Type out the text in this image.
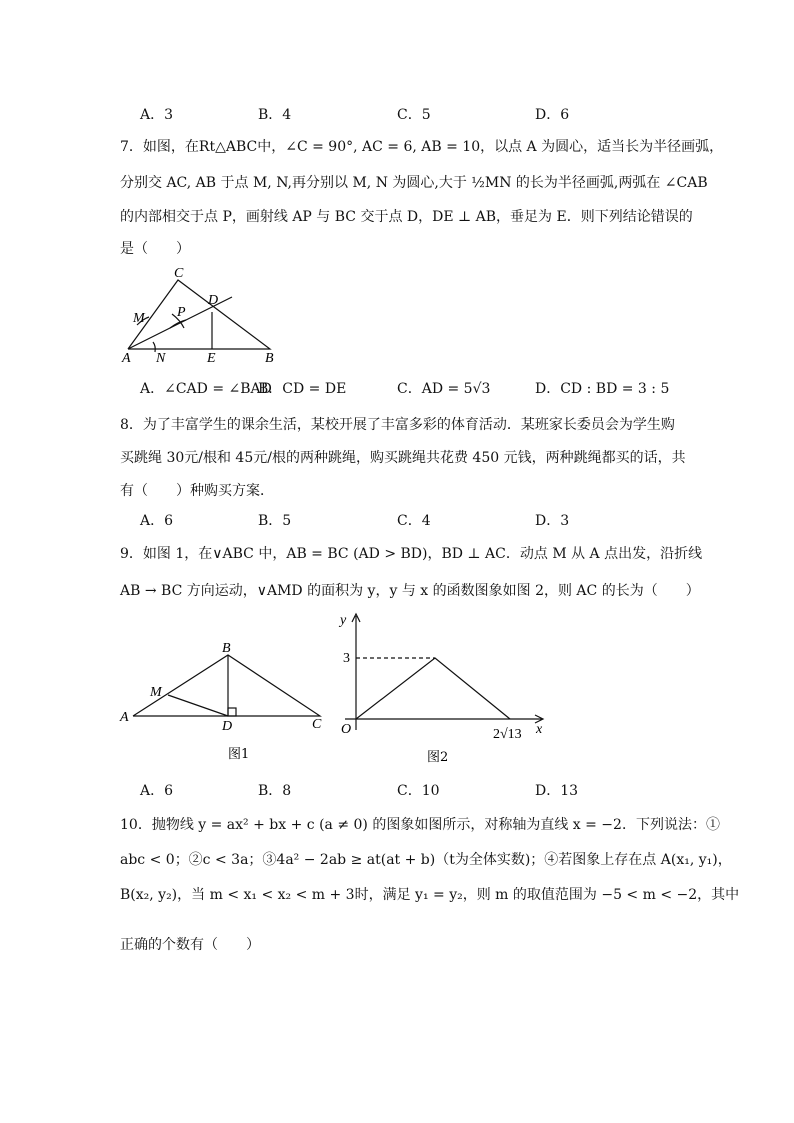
A．3	B．4	C．5	D．6
7．如图，在Rt△ABC中，∠C = 90°, AC = 6, AB = 10，以点 A 为圆心，适当长为半径画弧，
分别交 AC, AB 于点 M, N,再分别以 M, N 为圆心,大于 ½MN 的长为半径画弧,两弧在 ∠CAB
的内部相交于点 P，画射线 AP 与 BC 交于点 D，DE ⊥ AB，垂足为 E．则下列结论错误的
是（　　）
C
D
M P
A N	E	B
B
M
A
D	C
图1
y
3
O	2√13 x
图2
A．∠CAD = ∠BAD
B．CD = DE	C．AD = 5√3	D．CD : BD = 3 : 5
8．为了丰富学生的课余生活，某校开展了丰富多彩的体育活动．某班家长委员会为学生购
买跳绳 30元/根和 45元/根的两种跳绳，购买跳绳共花费 450 元钱，两种跳绳都买的话，共
有（　　）种购买方案．
A．6	B．5	C．4	D．3
9．如图 1，在∨ABC 中，AB = BC (AD > BD)，BD ⊥ AC．动点 M 从 A 点出发，沿折线
AB → BC 方向运动，∨AMD 的面积为 y，y 与 x 的函数图象如图 2，则 AC 的长为（　　）
A．6	B．8	C．10	D．13
10．抛物线 y = ax² + bx + c (a ≠ 0) 的图象如图所示，对称轴为直线 x = −2．下列说法：①
abc < 0；②c < 3a；③4a² − 2ab ≥ at(at + b)（t为全体实数)；④若图象上存在点 A(x₁, y₁)，
B(x₂, y₂)，当 m < x₁ < x₂ < m + 3时，满足 y₁ = y₂，则 m 的取值范围为 −5 < m < −2，其中
正确的个数有（　　）
